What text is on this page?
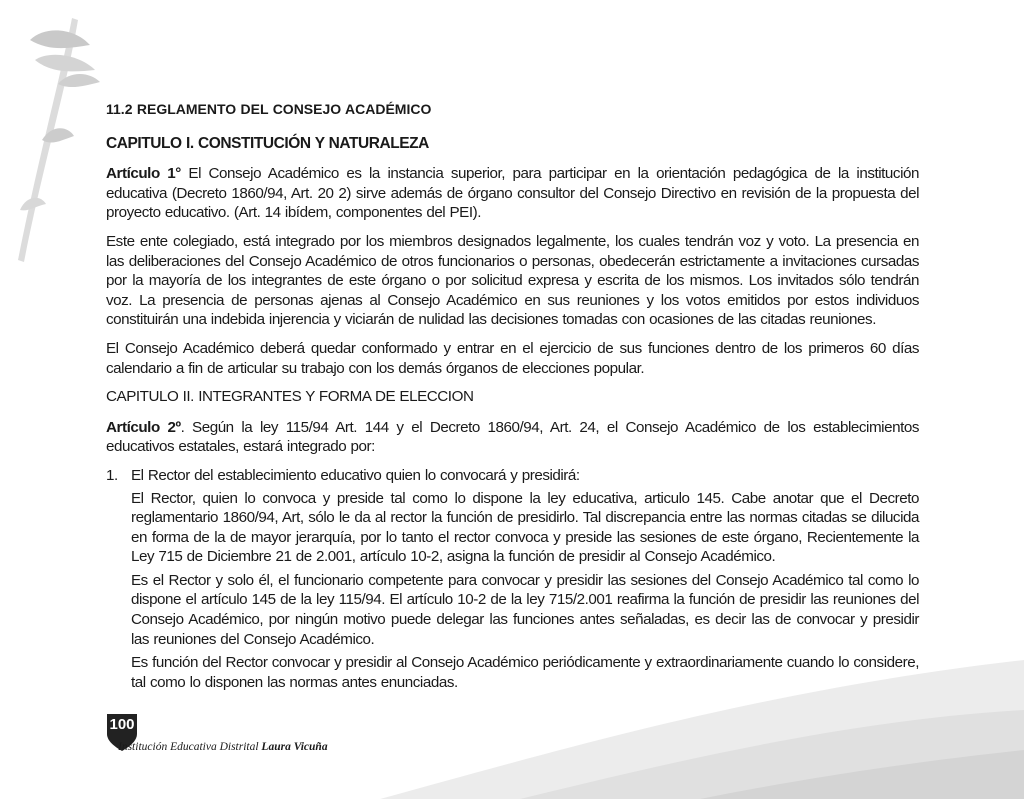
11.2 REGLAMENTO DEL CONSEJO ACADÉMICO

CAPITULO I. CONSTITUCIÓN Y NATURALEZA

Artículo 1° El Consejo Académico es la instancia superior, para participar en la orientación pedagógica de la institución educativa (Decreto 1860/94, Art. 20 2) sirve además de órgano consultor del Consejo Directivo en revisión de la propuesta del proyecto educativo. (Art. 14 ibídem, componentes del PEI).

Este ente colegiado, está integrado por los miembros designados legalmente, los cuales tendrán voz y voto. La presencia en las deliberaciones del Consejo Académico de otros funcionarios o personas, obedecerán estrictamente a invitaciones cursadas por la mayoría de los integrantes de este órgano o por solicitud expresa y escrita de los mismos. Los invitados sólo tendrán voz. La presencia de personas ajenas al Consejo Académico en sus reuniones y los votos emitidos por estos individuos constituirán una indebida injerencia y viciarán de nulidad las decisiones tomadas con ocasiones de las citadas reuniones.

El Consejo Académico deberá quedar conformado y entrar en el ejercicio de sus funciones dentro de los primeros 60 días calendario a fin de articular su trabajo con los demás órganos de elecciones popular.

CAPITULO II. INTEGRANTES Y FORMA DE ELECCION

Artículo 2º. Según la ley 115/94 Art. 144 y el Decreto 1860/94, Art. 24, el Consejo Académico de los establecimientos educativos estatales, estará integrado por:

1. El Rector del establecimiento educativo quien lo convocará y presidirá:

El Rector, quien lo convoca y preside tal como lo dispone la ley educativa, articulo 145. Cabe anotar que el Decreto reglamentario 1860/94, Art, sólo le da al rector la función de presidirlo. Tal discrepancia entre las normas citadas se dilucida en forma de la de mayor jerarquía, por lo tanto el rector convoca y preside las sesiones de este órgano, Recientemente la Ley 715 de Diciembre 21 de 2.001, artículo 10-2, asigna la función de presidir al Consejo Académico.

Es el Rector y solo él, el funcionario competente para convocar y presidir las sesiones del Consejo Académico tal como lo dispone el artículo 145 de la ley 115/94. El artículo 10-2 de la ley 715/2.001 reafirma la función de presidir las reuniones del Consejo Académico, por ningún motivo puede delegar las funciones antes señaladas, es decir las de convocar y presidir las reuniones del Consejo Académico.

Es función del Rector convocar y presidir al Consejo Académico periódicamente y extraordinariamente cuando lo considere, tal como lo disponen las normas antes enunciadas.

100
Institución Educativa Distrital Laura Vicuña
